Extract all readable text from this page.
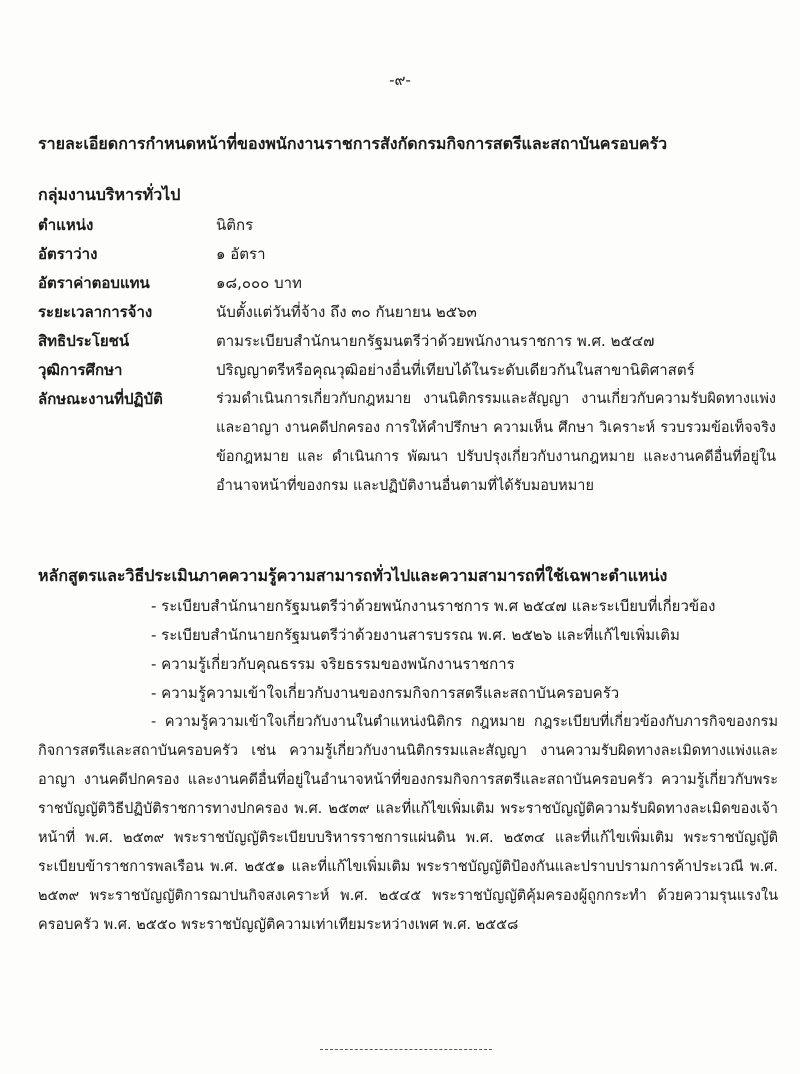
-๙-
รายละเอียดการกำหนดหน้าที่ของพนักงานราชการสังกัดกรมกิจการสตรีและสถาบันครอบครัว
กลุ่มงานบริหารทั่วไป
ตำแหน่ง	นิติกร
อัตราว่าง	๑ อัตรา
อัตราค่าตอบแทน	๑๘,๐๐๐ บาท
ระยะเวลาการจ้าง	นับตั้งแต่วันที่จ้าง ถึง ๓๐ กันยายน ๒๕๖๓
สิทธิประโยชน์	ตามระเบียบสำนักนายกรัฐมนตรีว่าด้วยพนักงานราชการ พ.ศ. ๒๕๔๗
วุฒิการศึกษา	ปริญญาตรีหรือคุณวุฒิอย่างอื่นที่เทียบได้ในระดับเดียวกันในสาขานิติศาสตร์
ลักษณะงานที่ปฏิบัติ	ร่วมดำเนินการเกี่ยวกับกฎหมาย งานนิติกรรมและสัญญา งานเกี่ยวกับความรับผิดทางแพ่งและอาญา งานคดีปกครอง การให้คำปรึกษา ความเห็น ศึกษา วิเคราะห์ รวบรวมข้อเท็จจริง ข้อกฎหมาย และ ดำเนินการ พัฒนา ปรับปรุงเกี่ยวกับงานกฎหมาย และงานคดีอื่นที่อยู่ในอำนาจหน้าที่ของกรม และปฏิบัติงานอื่นตามที่ได้รับมอบหมาย
หลักสูตรและวิธีประเมินภาคความรู้ความสามารถทั่วไปและความสามารถที่ใช้เฉพาะตำแหน่ง
- ระเบียบสำนักนายกรัฐมนตรีว่าด้วยพนักงานราชการ พ.ศ ๒๕๔๗ และระเบียบที่เกี่ยวข้อง
- ระเบียบสำนักนายกรัฐมนตรีว่าด้วยงานสารบรรณ พ.ศ. ๒๕๒๖ และที่แก้ไขเพิ่มเติม
- ความรู้เกี่ยวกับคุณธรรม จริยธรรมของพนักงานราชการ
- ความรู้ความเข้าใจเกี่ยวกับงานของกรมกิจการสตรีและสถาบันครอบครัว
- ความรู้ความเข้าใจเกี่ยวกับงานในตำแหน่งนิติกร กฎหมาย กฎระเบียบที่เกี่ยวข้องกับภารกิจของกรมกิจการสตรีและสถาบันครอบครัว เช่น ความรู้เกี่ยวกับงานนิติกรรมและสัญญา งานความรับผิดทางละเมิดทางแพ่งและอาญา งานคดีปกครอง และงานคดีอื่นที่อยู่ในอำนาจหน้าที่ของกรมกิจการสตรีและสถาบันครอบครัว ความรู้เกี่ยวกับพระราชบัญญัติวิธีปฏิบัติราชการทางปกครอง พ.ศ. ๒๕๓๙ และที่แก้ไขเพิ่มเติม พระราชบัญญัติความรับผิดทางละเมิดของเจ้าหน้าที่ พ.ศ. ๒๕๓๙ พระราชบัญญัติระเบียบบริหารราชการแผ่นดิน พ.ศ. ๒๕๓๔ และที่แก้ไขเพิ่มเติม พระราชบัญญัติระเบียบข้าราชการพลเรือน พ.ศ. ๒๕๕๑ และที่แก้ไขเพิ่มเติม พระราชบัญญัติป้องกันและปราบปรามการค้าประเวณี พ.ศ. ๒๕๓๙ พระราชบัญญัติการฌาปนกิจสงเคราะห์ พ.ศ. ๒๕๔๕ พระราชบัญญัติคุ้มครองผู้ถูกกระทำ ด้วยความรุนแรงในครอบครัว พ.ศ. ๒๕๕๐ พระราชบัญญัติความเท่าเทียมระหว่างเพศ พ.ศ. ๒๕๕๘
